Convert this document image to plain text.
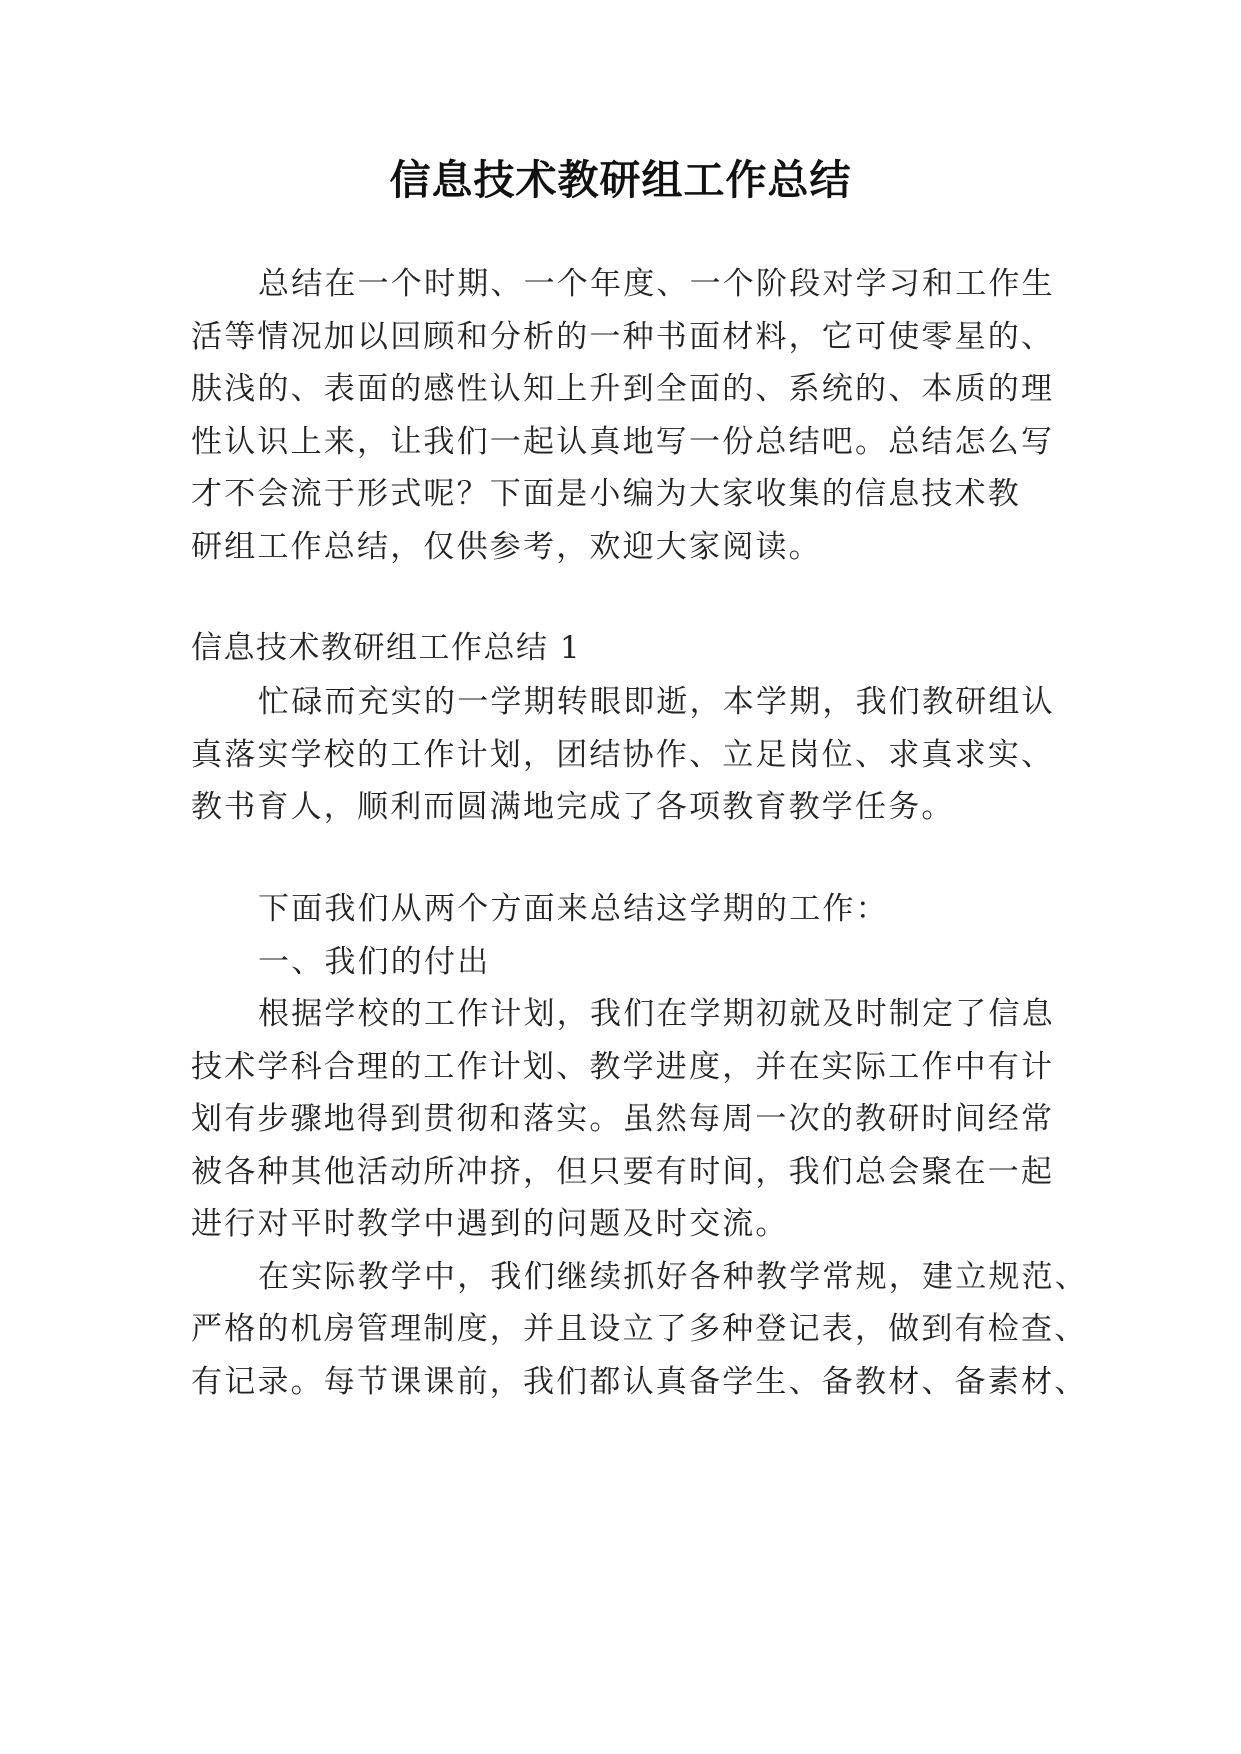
信息技术教研组工作总结
总结在一个时期、一个年度、一个阶段对学习和工作生
活等情况加以回顾和分析的一种书面材料，它可使零星的、
肤浅的、表面的感性认知上升到全面的、系统的、本质的理
性认识上来，让我们一起认真地写一份总结吧。总结怎么写
才不会流于形式呢？下面是小编为大家收集的信息技术教
研组工作总结，仅供参考，欢迎大家阅读。
信息技术教研组工作总结 1
忙碌而充实的一学期转眼即逝，本学期，我们教研组认
真落实学校的工作计划，团结协作、立足岗位、求真求实、
教书育人，顺利而圆满地完成了各项教育教学任务。
下面我们从两个方面来总结这学期的工作：
一、我们的付出
根据学校的工作计划，我们在学期初就及时制定了信息
技术学科合理的工作计划、教学进度，并在实际工作中有计
划有步骤地得到贯彻和落实。虽然每周一次的教研时间经常
被各种其他活动所冲挤，但只要有时间，我们总会聚在一起
进行对平时教学中遇到的问题及时交流。
在实际教学中，我们继续抓好各种教学常规，建立规范、
严格的机房管理制度，并且设立了多种登记表，做到有检查、
有记录。每节课课前，我们都认真备学生、备教材、备素材、
